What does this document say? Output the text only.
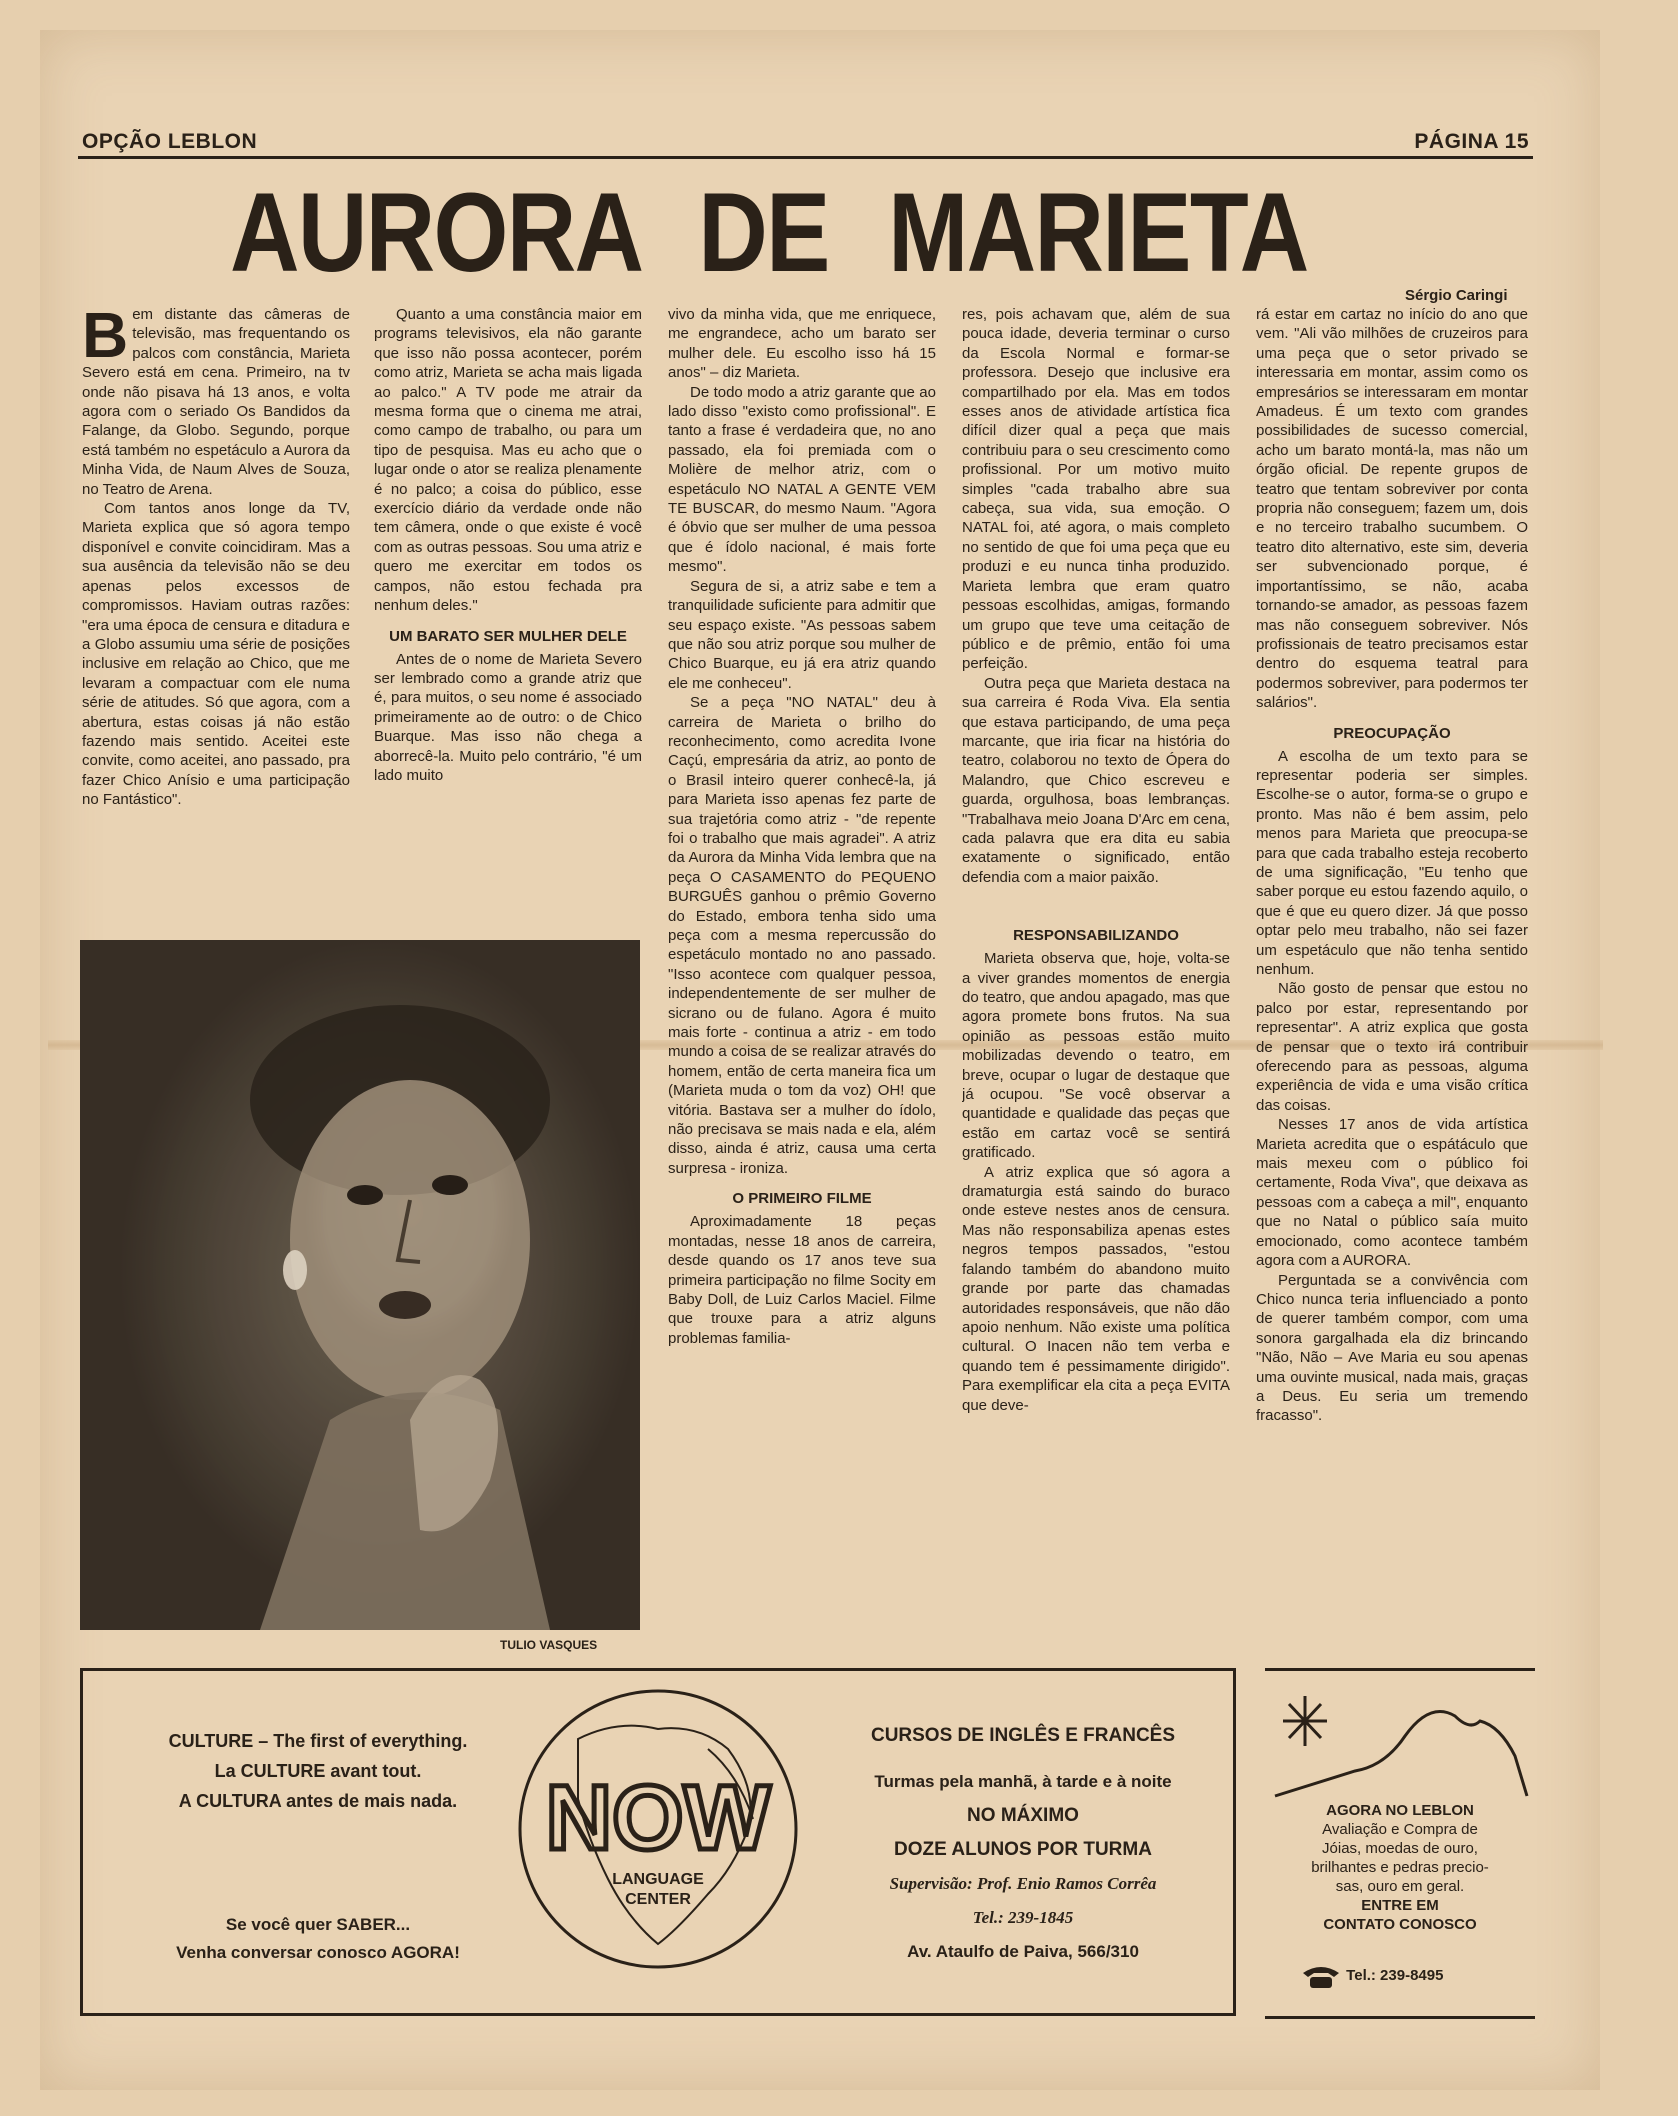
OPÇÃO LEBLON	PÁGINA 15
AURORA DE MARIETA
Sérgio Caringi

Bem distante das câmeras de televisão, mas frequentando os palcos com constância, Marieta Severo está em cena. Primeiro, na tv onde não pisava há 13 anos, e volta agora com o seriado Os Bandidos da Falange, da Globo. Segundo, porque está também no espetáculo a Aurora da Minha Vida, de Naum Alves de Souza, no Teatro de Arena.

Com tantos anos longe da TV, Marieta explica que só agora tempo disponível e convite coincidiram. Mas a sua ausência da televisão não se deu apenas pelos excessos de compromissos. Haviam outras razões: "era uma época de censura e ditadura e a Globo assumiu uma série de posições inclusive em relação ao Chico, que me levaram a compactuar com ele numa série de atitudes. Só que agora, com a abertura, estas coisas já não estão fazendo mais sentido. Aceitei este convite, como aceitei, ano passado, pra fazer Chico Anísio e uma participação no Fantástico".

Quanto a uma constância maior em programs televisivos, ela não garante que isso não possa acontecer, porém como atriz, Marieta se acha mais ligada ao palco." A TV pode me atrair da mesma forma que o cinema me atrai, como campo de trabalho, ou para um tipo de pesquisa. Mas eu acho que o lugar onde o ator se realiza plenamente é no palco; a coisa do público, esse exercício diário da verdade onde não tem câmera, onde o que existe é você com as outras pessoas. Sou uma atriz e quero me exercitar em todos os campos, não estou fechada pra nenhum deles."

UM BARATO SER MULHER DELE

Antes de o nome de Marieta Severo ser lembrado como a grande atriz que é, para muitos, o seu nome é associado primeiramente ao de outro: o de Chico Buarque. Mas isso não chega a aborrecê-la. Muito pelo contrário, "é um lado muito

vivo da minha vida, que me enriquece, me engrandece, acho um barato ser mulher dele. Eu escolho isso há 15 anos" – diz Marieta.

De todo modo a atriz garante que ao lado disso "existo como profissional". E tanto a frase é verdadeira que, no ano passado, ela foi premiada com o Molière de melhor atriz, com o espetáculo NO NATAL A GENTE VEM TE BUSCAR, do mesmo Naum. "Agora é óbvio que ser mulher de uma pessoa que é ídolo nacional, é mais forte mesmo".

Segura de si, a atriz sabe e tem a tranquilidade suficiente para admitir que seu espaço existe. "As pessoas sabem que não sou atriz porque sou mulher de Chico Buarque, eu já era atriz quando ele me conheceu".

Se a peça "NO NATAL" deu à carreira de Marieta o brilho do reconhecimento, como acredita Ivone Caçú, empresária da atriz, ao ponto de o Brasil inteiro querer conhecê-la, já para Marieta isso apenas fez parte de sua trajetória como atriz - "de repente foi o trabalho que mais agradei". A atriz da Aurora da Minha Vida lembra que na peça O CASAMENTO do PEQUENO BURGUÊS ganhou o prêmio Governo do Estado, embora tenha sido uma peça com a mesma repercussão do espetáculo montado no ano passado. "Isso acontece com qualquer pessoa, independentemente de ser mulher de sicrano ou de fulano. Agora é muito mais forte - continua a atriz - em todo mundo a coisa de se realizar através do homem, então de certa maneira fica um (Marieta muda o tom da voz) OH! que vitória. Bastava ser a mulher do ídolo, não precisava se mais nada e ela, além disso, ainda é atriz, causa uma certa surpresa - ironiza.

O PRIMEIRO FILME

Aproximadamente 18 peças montadas, nesse 18 anos de carreira, desde quando os 17 anos teve sua primeira participação no filme Socity em Baby Doll, de Luiz Carlos Maciel. Filme que trouxe para a atriz alguns problemas familia-

res, pois achavam que, além de sua pouca idade, deveria terminar o curso da Escola Normal e formar-se professora. Desejo que inclusive era compartilhado por ela. Mas em todos esses anos de atividade artística fica difícil dizer qual a peça que mais contribuiu para o seu crescimento como profissional. Por um motivo muito simples "cada trabalho abre sua cabeça, sua vida, sua emoção. O NATAL foi, até agora, o mais completo no sentido de que foi uma peça que eu produzi e eu nunca tinha produzido. Marieta lembra que eram quatro pessoas escolhidas, amigas, formando um grupo que teve uma ceitação de público e de prêmio, então foi uma perfeição.

Outra peça que Marieta destaca na sua carreira é Roda Viva. Ela sentia que estava participando, de uma peça marcante, que iria ficar na história do teatro, colaborou no texto de Ópera do Malandro, que Chico escreveu e guarda, orgulhosa, boas lembranças. "Trabalhava meio Joana D'Arc em cena, cada palavra que era dita eu sabia exatamente o significado, então defendia com a maior paixão.

RESPONSABILIZANDO

Marieta observa que, hoje, volta-se a viver grandes momentos de energia do teatro, que andou apagado, mas que agora promete bons frutos. Na sua opinião as pessoas estão muito mobilizadas devendo o teatro, em breve, ocupar o lugar de destaque que já ocupou. "Se você observar a quantidade e qualidade das peças que estão em cartaz você se sentirá gratificado.

A atriz explica que só agora a dramaturgia está saindo do buraco onde esteve nestes anos de censura. Mas não responsabiliza apenas estes negros tempos passados, "estou falando também do abandono muito grande por parte das chamadas autoridades responsáveis, que não dão apoio nenhum. Não existe uma política cultural. O Inacen não tem verba e quando tem é pessimamente dirigido". Para exemplificar ela cita a peça EVITA que deve-

rá estar em cartaz no início do ano que vem. "Ali vão milhões de cruzeiros para uma peça que o setor privado se interessaria em montar, assim como os empresários se interessaram em montar Amadeus. É um texto com grandes possibilidades de sucesso comercial, acho um barato montá-la, mas não um órgão oficial. De repente grupos de teatro que tentam sobreviver por conta propria não conseguem; fazem um, dois e no terceiro trabalho sucumbem. O teatro dito alternativo, este sim, deveria ser subvencionado porque, é importantíssimo, se não, acaba tornando-se amador, as pessoas fazem mas não conseguem sobreviver. Nós profissionais de teatro precisamos estar dentro do esquema teatral para podermos sobreviver, para podermos ter salários".

PREOCUPAÇÃO

A escolha de um texto para se representar poderia ser simples. Escolhe-se o autor, forma-se o grupo e pronto. Mas não é bem assim, pelo menos para Marieta que preocupa-se para que cada trabalho esteja recoberto de uma significação, "Eu tenho que saber porque eu estou fazendo aquilo, o que é que eu quero dizer. Já que posso optar pelo meu trabalho, não sei fazer um espetáculo que não tenha sentido nenhum.

Não gosto de pensar que estou no palco por estar, representando por representar". A atriz explica que gosta de pensar que o texto irá contribuir oferecendo para as pessoas, alguma experiência de vida e uma visão crítica das coisas.

Nesses 17 anos de vida artística Marieta acredita que o espátáculo que mais mexeu com o público foi certamente, Roda Viva", que deixava as pessoas com a cabeça a mil", enquanto que no Natal o público saía muito emocionado, como acontece também agora com a AURORA.

Perguntada se a convivência com Chico nunca teria influenciado a ponto de querer também compor, com uma sonora gargalhada ela diz brincando "Não, Não – Ave Maria eu sou apenas uma ouvinte musical, nada mais, graças a Deus. Eu seria um tremendo fracasso".

TULIO VASQUES
CULTURE – The first of everything.
La CULTURE avant tout.
A CULTURA antes de mais nada.
Se você quer SABER...
Venha conversar conosco AGORA!
NOW
LANGUAGE
CENTER
CURSOS DE INGLÊS E FRANCÊS
Turmas pela manhã, à tarde e à noite
NO MÁXIMO
DOZE ALUNOS POR TURMA
Supervisão: Prof. Enio Ramos Corrêa
Tel.: 239-1845
Av. Ataulfo de Paiva, 566/310
AGORA NO LEBLON
Avaliação e Compra de
Jóias, moedas de ouro,
brilhantes e pedras precio-
sas, ouro em geral.
ENTRE EM
CONTATO CONOSCO
Tel.: 239-8495
